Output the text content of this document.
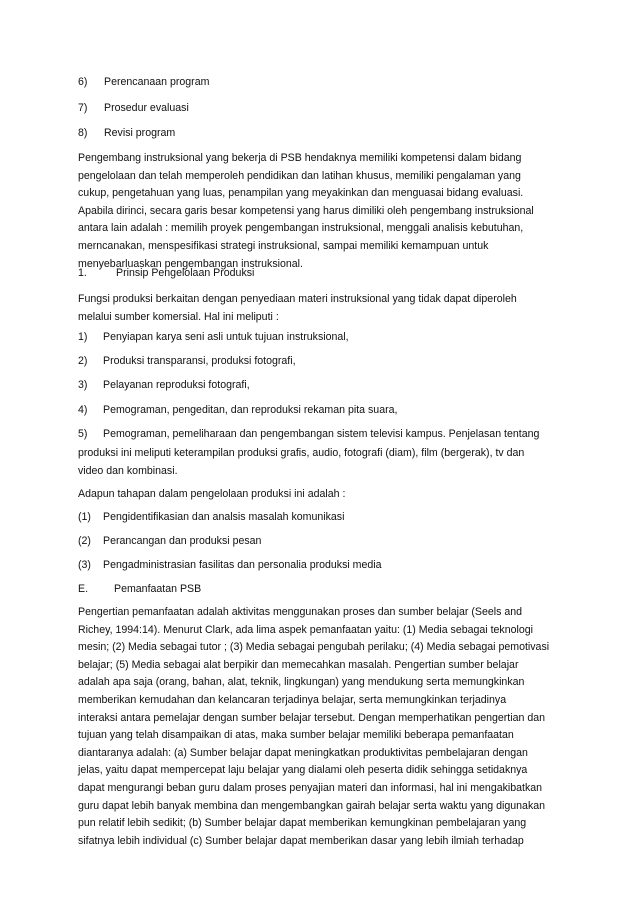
6) Perencanaan program
7) Prosedur evaluasi
8) Revisi program
Pengembang instruksional yang bekerja di PSB hendaknya memiliki kompetensi dalam bidang
pengelolaan dan telah memperoleh pendidikan dan latihan khusus, memiliki pengalaman yang
cukup, pengetahuan yang luas, penampilan yang meyakinkan dan menguasai bidang evaluasi.
Apabila dirinci, secara garis besar kompetensi yang harus dimiliki oleh pengembang instruksional
antara lain adalah : memilih proyek pengembangan instruksional, menggali analisis kebutuhan,
merncanakan, menspesifikasi strategi instruksional, sampai memiliki kemampuan untuk
menyebarluaskan pengembangan instruksional.
1.	Prinsip Pengelolaan Produksi
Fungsi produksi berkaitan dengan penyediaan materi instruksional yang tidak dapat diperoleh
melalui sumber komersial. Hal ini meliputi :
1) Penyiapan karya seni asli untuk tujuan instruksional,
2) Produksi transparansi, produksi fotografi,
3) Pelayanan reproduksi fotografi,
4) Pemograman, pengeditan, dan reproduksi rekaman pita suara,
5) Pemograman, pemeliharaan dan pengembangan sistem televisi kampus. Penjelasan tentang
produksi ini meliputi keterampilan produksi grafis, audio, fotografi (diam), film (bergerak), tv dan
video dan kombinasi.
Adapun tahapan dalam pengelolaan produksi ini adalah :
(1) Pengidentifikasian dan analsis masalah komunikasi
(2) Perancangan dan produksi pesan
(3) Pengadministrasian fasilitas dan personalia produksi media
E. Pemanfaatan PSB
Pengertian pemanfaatan adalah aktivitas menggunakan proses dan sumber belajar (Seels and
Richey, 1994:14). Menurut Clark, ada lima aspek pemanfaatan yaitu: (1) Media sebagai teknologi
mesin; (2) Media sebagai tutor ; (3) Media sebagai pengubah perilaku; (4) Media sebagai pemotivasi
belajar; (5) Media sebagai alat berpikir dan memecahkan masalah. Pengertian sumber belajar
adalah apa saja (orang, bahan, alat, teknik, lingkungan) yang mendukung serta memungkinkan
memberikan kemudahan dan kelancaran terjadinya belajar, serta memungkinkan terjadinya
interaksi antara pemelajar dengan sumber belajar tersebut. Dengan memperhatikan pengertian dan
tujuan yang telah disampaikan di atas, maka sumber belajar memiliki beberapa pemanfaatan
diantaranya adalah: (a) Sumber belajar dapat meningkatkan produktivitas pembelajaran dengan
jelas, yaitu dapat mempercepat laju belajar yang dialami oleh peserta didik sehingga setidaknya
dapat mengurangi beban guru dalam proses penyajian materi dan informasi, hal ini mengakibatkan
guru dapat lebih banyak membina dan mengembangkan gairah belajar serta waktu yang digunakan
pun relatif lebih sedikit; (b) Sumber belajar dapat memberikan kemungkinan pembelajaran yang
sifatnya lebih individual (c) Sumber belajar dapat memberikan dasar yang lebih ilmiah terhadap
